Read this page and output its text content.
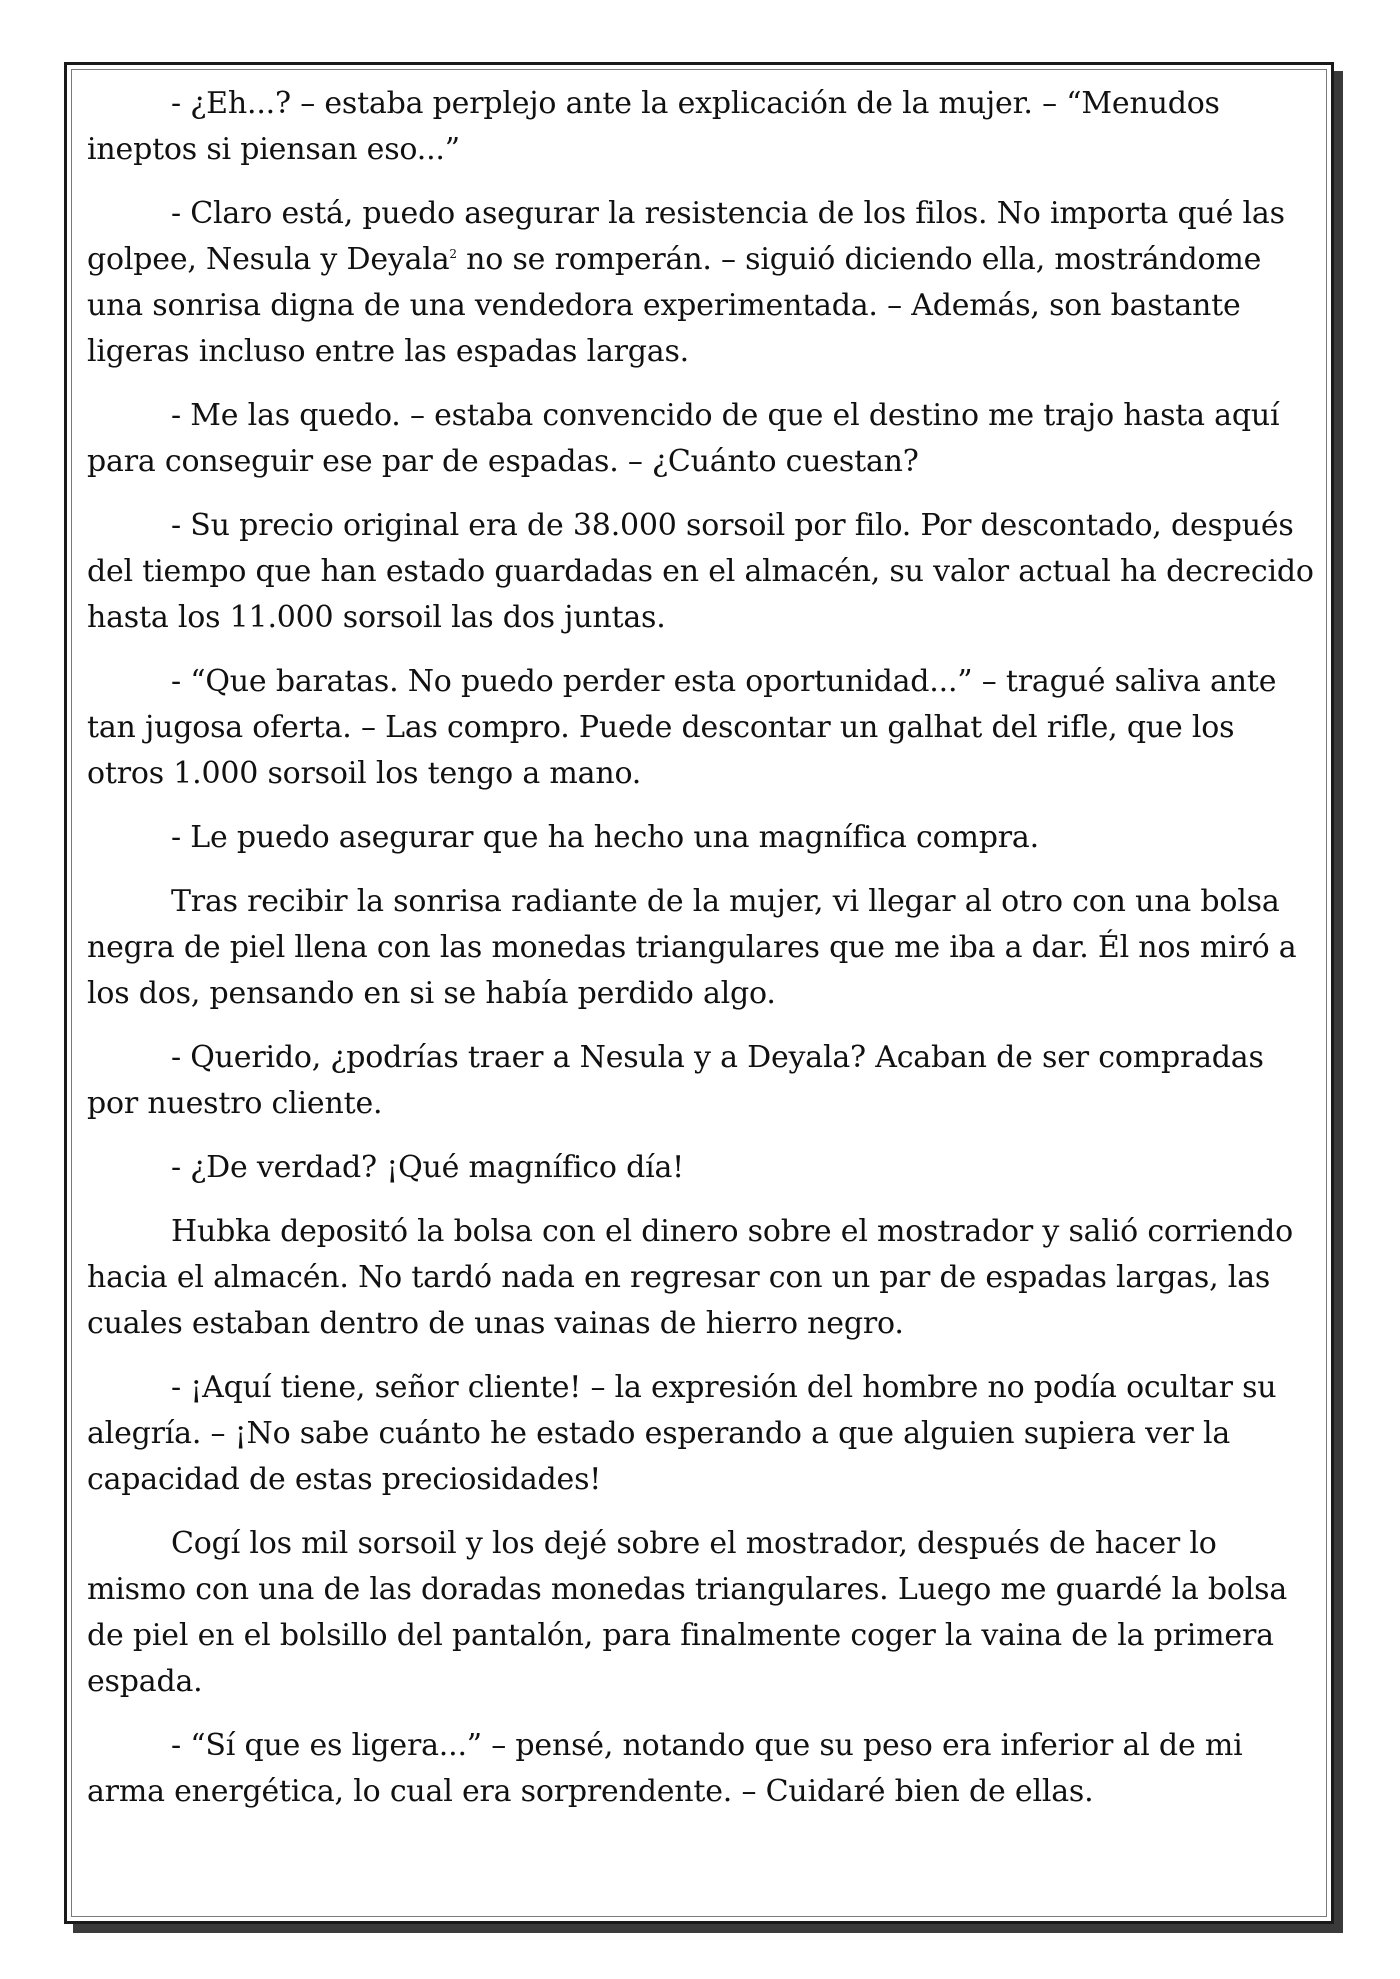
- ¿Eh...? – estaba perplejo ante la explicación de la mujer. – “Menudos ineptos si piensan eso...”

- Claro está, puedo asegurar la resistencia de los filos. No importa qué las golpee, Nesula y Deyala$^2$ no se romperán. – siguió diciendo ella, mostrándome una sonrisa digna de una vendedora experimentada. – Además, son bastante ligeras incluso entre las espadas largas.

- Me las quedo. – estaba convencido de que el destino me trajo hasta aquí para conseguir ese par de espadas. – ¿Cuánto cuestan?

- Su precio original era de 38.000 sorsoil por filo. Por descontado, después del tiempo que han estado guardadas en el almacén, su valor actual ha decrecido hasta los 11.000 sorsoil las dos juntas.

- “Que baratas. No puedo perder esta oportunidad...” – tragué saliva ante tan jugosa oferta. – Las compro. Puede descontar un galhat del rifle, que los otros 1.000 sorsoil los tengo a mano.

- Le puedo asegurar que ha hecho una magnífica compra.

Tras recibir la sonrisa radiante de la mujer, vi llegar al otro con una bolsa negra de piel llena con las monedas triangulares que me iba a dar. Él nos miró a los dos, pensando en si se había perdido algo.

- Querido, ¿podrías traer a Nesula y a Deyala? Acaban de ser compradas por nuestro cliente.

- ¿De verdad? ¡Qué magnífico día!

Hubka depositó la bolsa con el dinero sobre el mostrador y salió corriendo hacia el almacén. No tardó nada en regresar con un par de espadas largas, las cuales estaban dentro de unas vainas de hierro negro.

- ¡Aquí tiene, señor cliente! – la expresión del hombre no podía ocultar su alegría. – ¡No sabe cuánto he estado esperando a que alguien supiera ver la capacidad de estas preciosidades!

Cogí los mil sorsoil y los dejé sobre el mostrador, después de hacer lo mismo con una de las doradas monedas triangulares. Luego me guardé la bolsa de piel en el bolsillo del pantalón, para finalmente coger la vaina de la primera espada.

- “Sí que es ligera...” – pensé, notando que su peso era inferior al de mi arma energética, lo cual era sorprendente. – Cuidaré bien de ellas.
